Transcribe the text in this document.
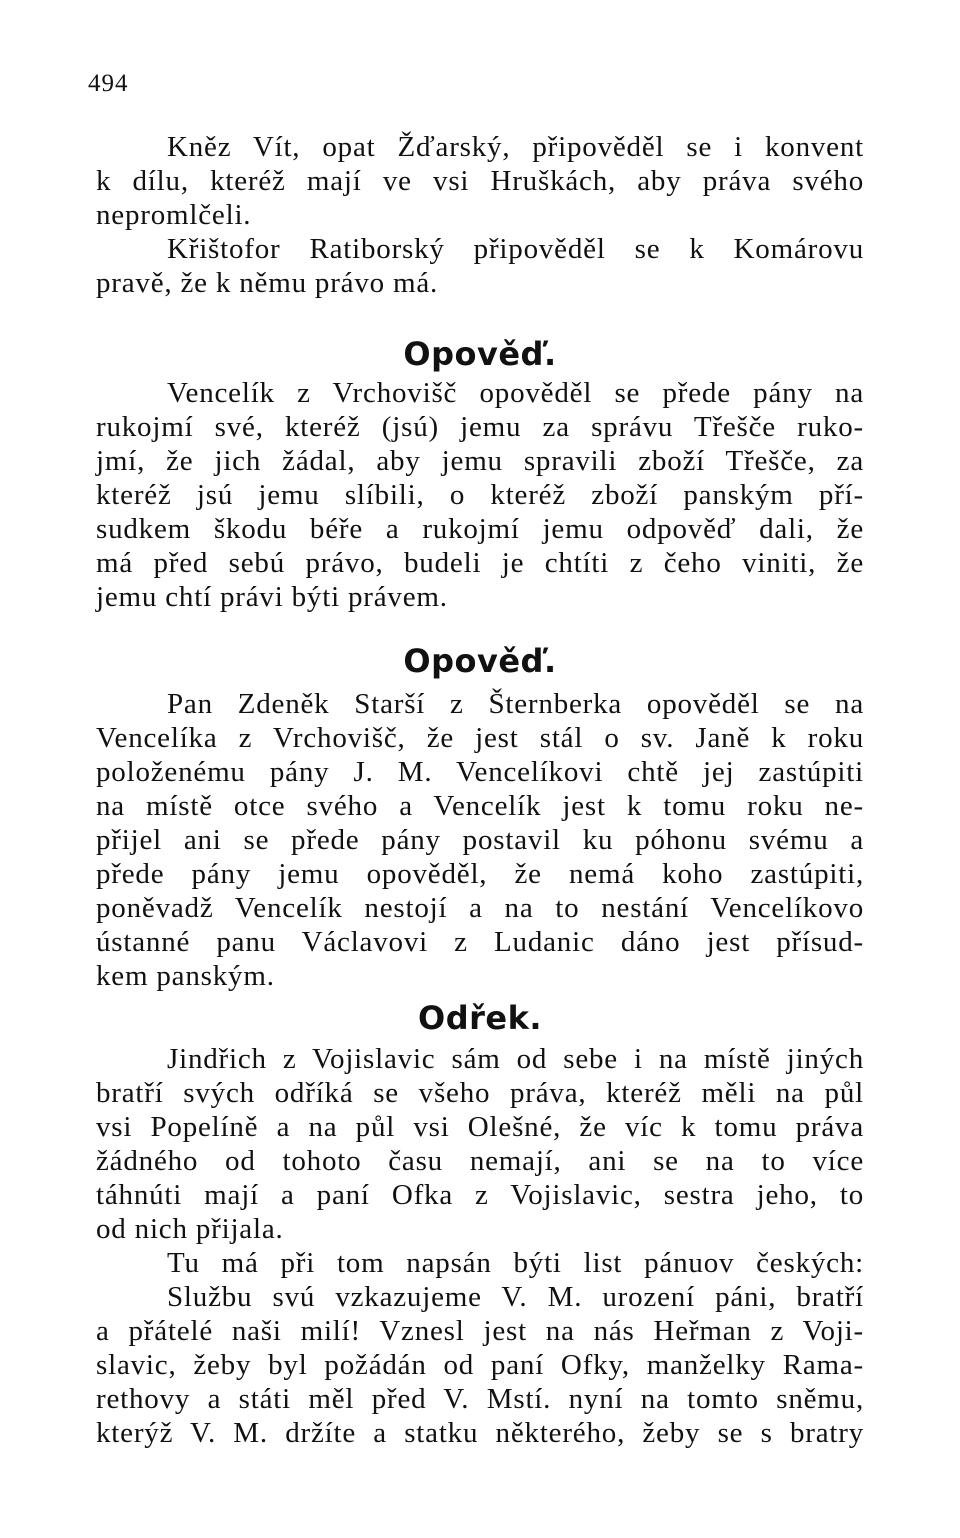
494
Kněz Vít, opat Žďarský, připověděl se i konvent
k dílu, kteréž mají ve vsi Hruškách, aby práva svého
nepromlčeli.
Křištofor Ratiborský připověděl se k Komárovu
pravě, že k němu právo má.
Opověď.
Vencelík z Vrchovišč opověděl se přede pány na
rukojmí své, kteréž (jsú) jemu za správu Třešče ruko-
jmí, že jich žádal, aby jemu spravili zboží Třešče, za
kteréž jsú jemu slíbili, o kteréž zboží panským pří-
sudkem škodu béře a rukojmí jemu odpověď dali, že
má před sebú právo, budeli je chtíti z čeho viniti, že
jemu chtí právi býti právem.
Opověď.
Pan Zdeněk Starší z Šternberka opověděl se na
Vencelíka z Vrchovišč, že jest stál o sv. Janě k roku
položenému pány J. M. Vencelíkovi chtě jej zastúpiti
na místě otce svého a Vencelík jest k tomu roku ne-
přijel ani se přede pány postavil ku póhonu svému a
přede pány jemu opověděl, že nemá koho zastúpiti,
poněvadž Vencelík nestojí a na to nestání Vencelíkovo
ústanné panu Václavovi z Ludanic dáno jest přísud-
kem panským.
Odřek.
Jindřich z Vojislavic sám od sebe i na místě jiných
bratří svých odříká se všeho práva, kteréž měli na půl
vsi Popelíně a na půl vsi Olešné, že víc k tomu práva
žádného od tohoto času nemají, ani se na to více
táhnúti mají a paní Ofka z Vojislavic, sestra jeho, to
od nich přijala.
Tu má při tom napsán býti list pánuov českých:
Službu svú vzkazujeme V. M. urození páni, bratří
a přátelé naši milí! Vznesl jest na nás Heřman z Voji-
slavic, žeby byl požádán od paní Ofky, manželky Rama-
rethovy a státi měl před V. Mstí. nyní na tomto sněmu,
kterýž V. M. držíte a statku některého, žeby se s bratry
